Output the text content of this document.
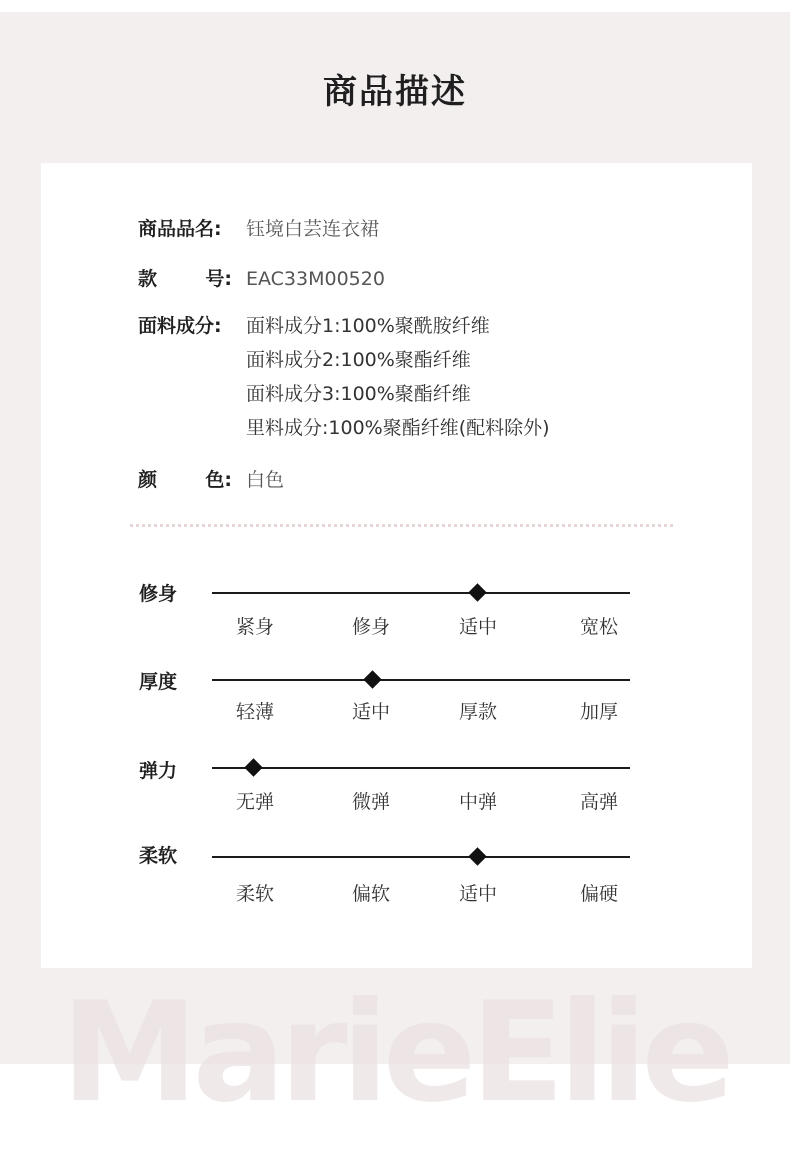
商品描述
商品品名:	钰境白芸连衣裙
款	号: EAC33M00520
面料成分:	面料成分1:100%聚酰胺纤维
面料成分2:100%聚酯纤维
面料成分3:100%聚酯纤维
里料成分:100%聚酯纤维(配料除外)
颜	色: 白色
修身
紧身	修身	适中	宽松
厚度
轻薄	适中	厚款	加厚
弹力
无弹	微弹	中弹	高弹
柔软
柔软	偏软	适中	偏硬
MarieElie
